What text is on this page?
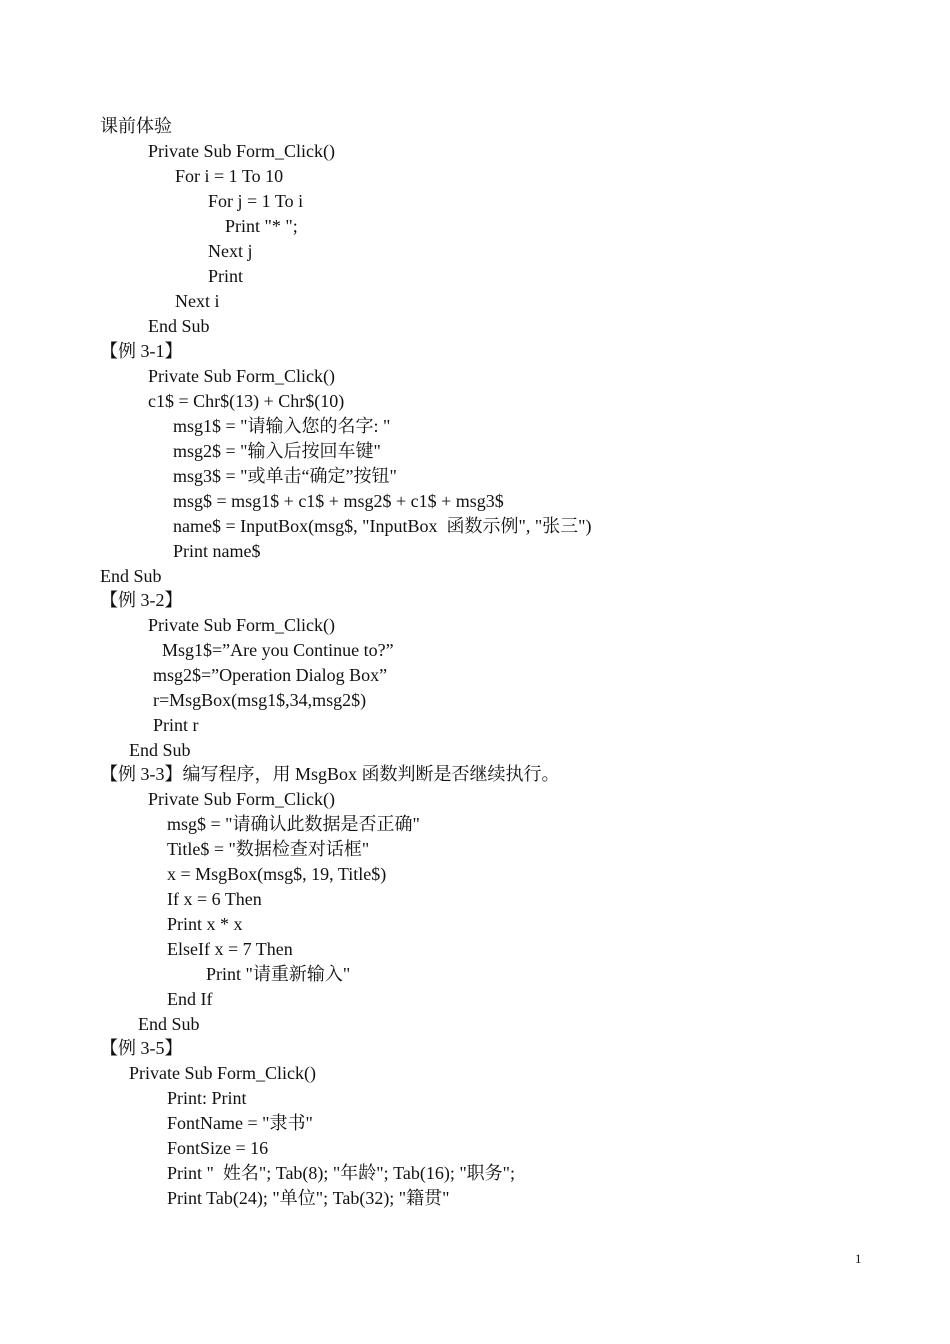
课前体验
Private Sub Form_Click()
For i = 1 To 10
For j = 1 To i
Print "* ";
Next j
Print
Next i
End Sub
【例 3-1】
Private Sub Form_Click()
c1$ = Chr$(13) + Chr$(10)
msg1$ = "请输入您的名字: "
msg2$ = "输入后按回车键"
msg3$ = "或单击“确定”按钮"
msg$ = msg1$ + c1$ + msg2$ + c1$ + msg3$
name$ = InputBox(msg$, "InputBox  函数示例", "张三")
Print name$
End Sub
【例 3-2】
Private Sub Form_Click()
Msg1$=”Are you Continue to?”
msg2$=”Operation Dialog Box”
r=MsgBox(msg1$,34,msg2$)
Print r
End Sub
【例 3-3】编写程序，用 MsgBox 函数判断是否继续执行。
Private Sub Form_Click()
msg$ = "请确认此数据是否正确"
Title$ = "数据检查对话框"
x = MsgBox(msg$, 19, Title$)
If x = 6 Then
Print x * x
ElseIf x = 7 Then
Print "请重新输入"
End If
End Sub
【例 3-5】
Private Sub Form_Click()
Print: Print
FontName = "隶书"
FontSize = 16
Print "  姓名"; Tab(8); "年龄"; Tab(16); "职务";
Print Tab(24); "单位"; Tab(32); "籍贯"
1
